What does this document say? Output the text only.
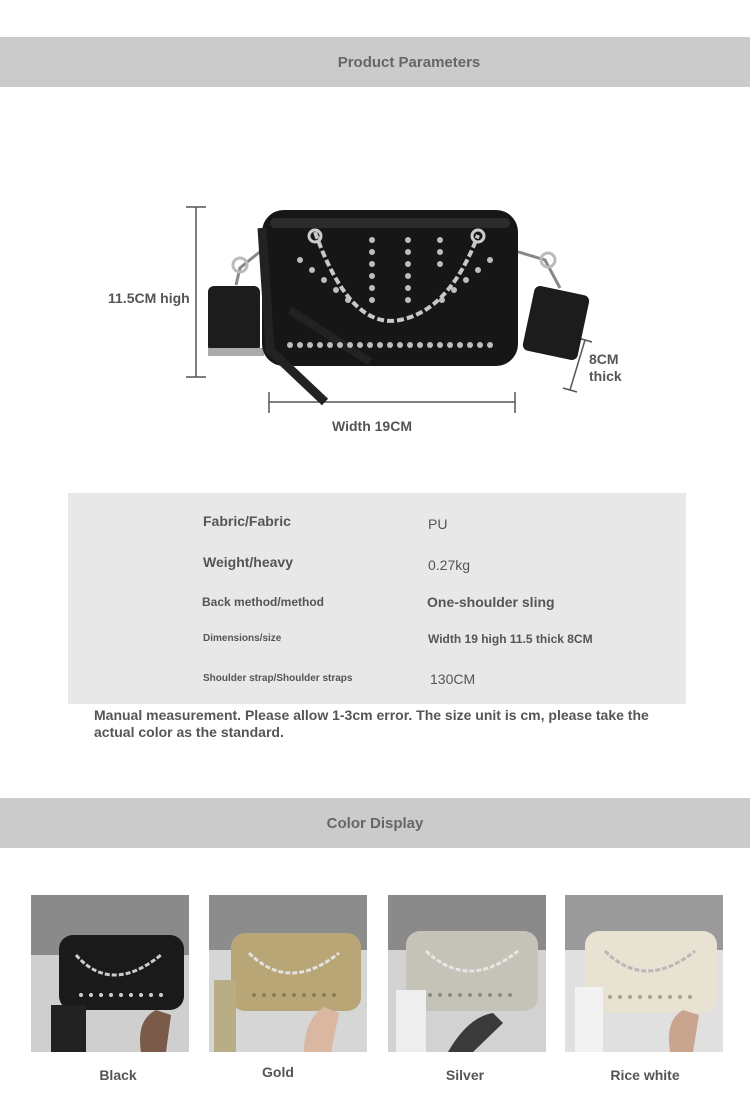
Product Parameters
11.5CM high
Width 19CM
8CM
thick
Fabric/Fabric	PU
Weight/heavy	0.27kg
Back method/method	One-shoulder sling
Dimensions/size	Width 19 high 11.5 thick 8CM
Shoulder strap/Shoulder straps	130CM
Manual measurement. Please allow 1-3cm error. The size unit is cm, please take the actual color as the standard.
Color Display
Black	Gold	Silver	Rice white
